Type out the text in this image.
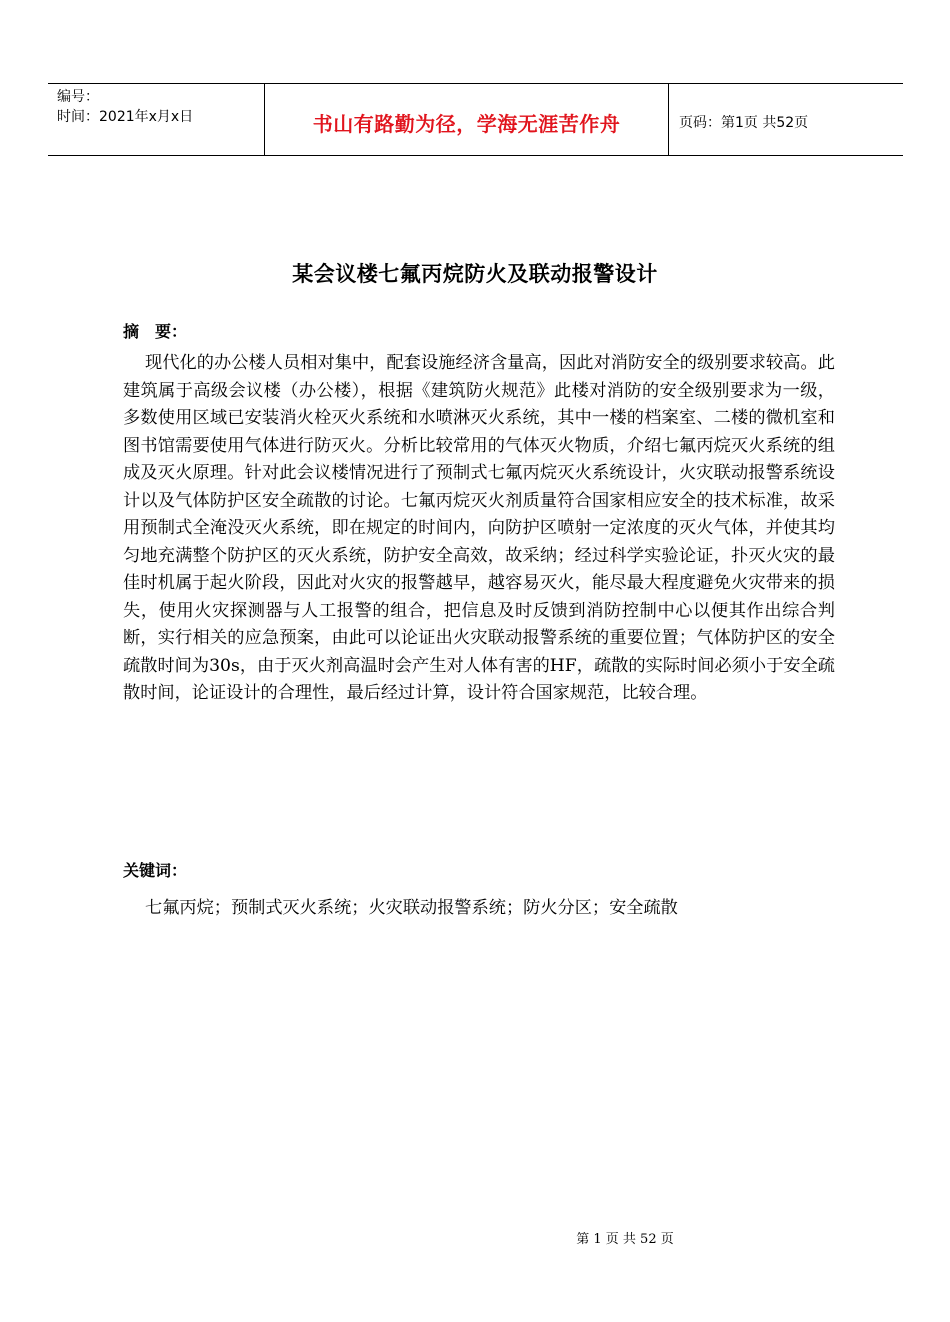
编号：
时间：2021年x月x日	书山有路勤为径，学海无涯苦作舟	页码：第1页 共52页
某会议楼七氟丙烷防火及联动报警设计
摘　要：
现代化的办公楼人员相对集中，配套设施经济含量高，因此对消防安全的级别要求较高。此建筑属于高级会议楼（办公楼），根据《建筑防火规范》此楼对消防的安全级别要求为一级，多数使用区域已安装消火栓灭火系统和水喷淋灭火系统，其中一楼的档案室、二楼的微机室和图书馆需要使用气体进行防灭火。分析比较常用的气体灭火物质，介绍七氟丙烷灭火系统的组成及灭火原理。针对此会议楼情况进行了预制式七氟丙烷灭火系统设计，火灾联动报警系统设计以及气体防护区安全疏散的讨论。七氟丙烷灭火剂质量符合国家相应安全的技术标准，故采用预制式全淹没灭火系统，即在规定的时间内，向防护区喷射一定浓度的灭火气体，并使其均匀地充满整个防护区的灭火系统，防护安全高效，故采纳；经过科学实验论证，扑灭火灾的最佳时机属于起火阶段，因此对火灾的报警越早，越容易灭火，能尽最大程度避免火灾带来的损失，使用火灾探测器与人工报警的组合，把信息及时反馈到消防控制中心以便其作出综合判断，实行相关的应急预案，由此可以论证出火灾联动报警系统的重要位置；气体防护区的安全疏散时间为30s，由于灭火剂高温时会产生对人体有害的HF，疏散的实际时间必须小于安全疏散时间，论证设计的合理性，最后经过计算，设计符合国家规范，比较合理。
关键词：
七氟丙烷；预制式灭火系统；火灾联动报警系统；防火分区；安全疏散
第 1 页 共 52 页
